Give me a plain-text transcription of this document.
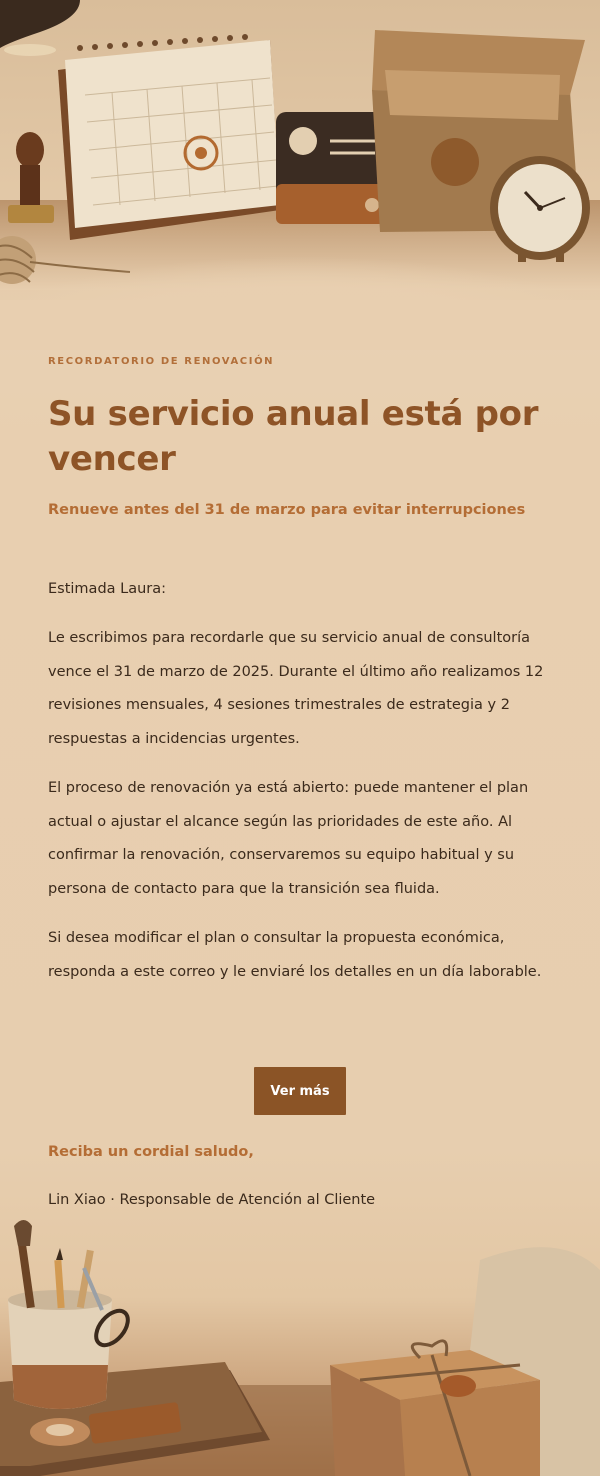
RECORDATORIO DE RENOVACIÓN
Su servicio anual está por vencer

Renueve antes del 31 de marzo para evitar interrupciones

Estimada Laura:

Le escribimos para recordarle que su servicio anual de consultoría vence el 31 de marzo de 2025. Durante el último año realizamos 12 revisiones mensuales, 4 sesiones trimestrales de estrategia y 2 respuestas a incidencias urgentes.

El proceso de renovación ya está abierto: puede mantener el plan actual o ajustar el alcance según las prioridades de este año. Al confirmar la renovación, conservaremos su equipo habitual y su persona de contacto para que la transición sea fluida.

Si desea modificar el plan o consultar la propuesta económica, responda a este correo y le enviaré los detalles en un día laborable.

Ver más
Reciba un cordial saludo,
Lin Xiao · Responsable de Atención al Cliente
